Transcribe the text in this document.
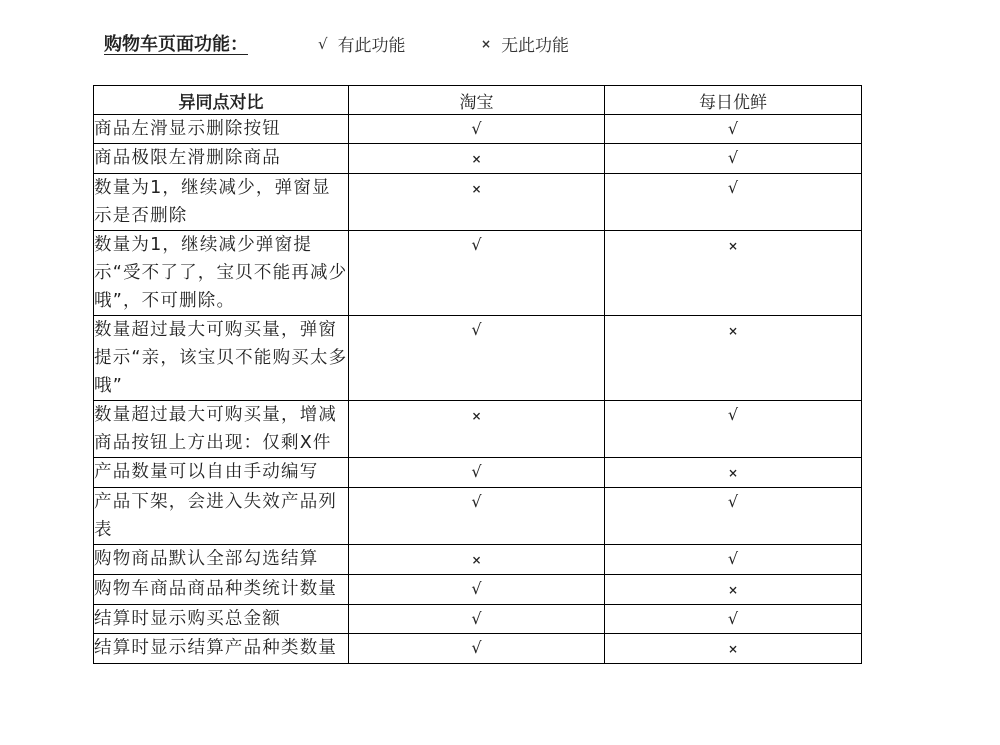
购物车页面功能：	√ 有此功能	× 无此功能
异同点对比	淘宝	每日优鲜
商品左滑显示删除按钮	√	√
商品极限左滑删除商品	×	√
数量为1，继续减少，弹窗显示是否删除	×	√
数量为1，继续减少弹窗提示“受不了了，宝贝不能再减少哦”，不可删除。	√	×
数量超过最大可购买量，弹窗提示“亲，该宝贝不能购买太多哦”	√	×
数量超过最大可购买量，增减商品按钮上方出现：仅剩X件	×	√
产品数量可以自由手动编写	√	×
产品下架，会进入失效产品列表	√	√
购物商品默认全部勾选结算	×	√
购物车商品商品种类统计数量	√	×
结算时显示购买总金额	√	√
结算时显示结算产品种类数量	√	×
